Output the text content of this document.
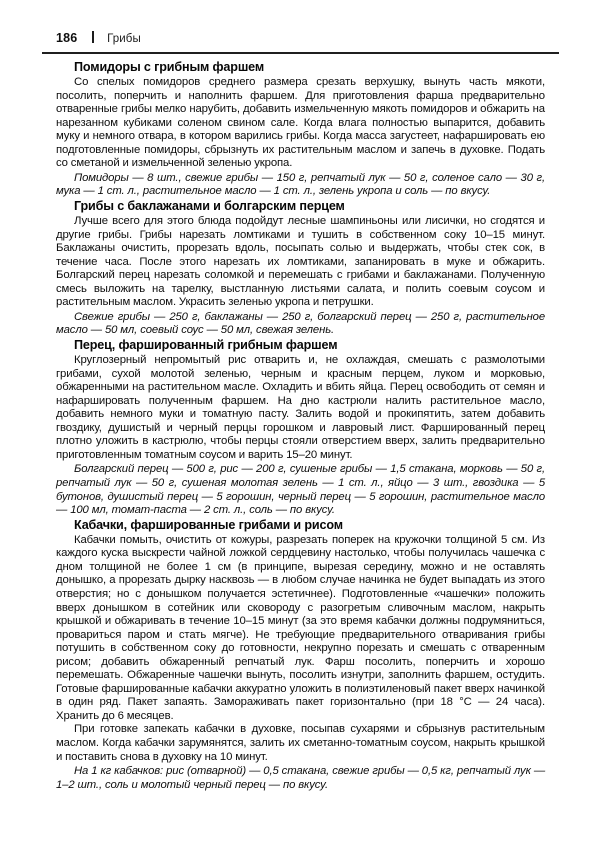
186	Грибы
Помидоры с грибным фаршем

Со спелых помидоров среднего размера срезать верхушку, вынуть часть мякоти, посолить, поперчить и наполнить фаршем. Для приготовления фарша предварительно отваренные грибы мелко нарубить, добавить измельченную мякоть помидоров и обжарить на нарезанном кубиками соленом свином сале. Когда влага полностью выпарится, добавить муку и немного отвара, в котором варились грибы. Когда масса загустеет, нафаршировать ею подготовленные помидоры, сбрызнуть их растительным маслом и запечь в духовке. Подать со сметаной и измельченной зеленью укропа.

Помидоры — 8 шт., свежие грибы — 150 г, репчатый лук — 50 г, соленое сало — 30 г, мука — 1 ст. л., растительное масло — 1 ст. л., зелень укропа и соль — по вкусу.

Грибы с баклажанами и болгарским перцем

Лучше всего для этого блюда подойдут лесные шампиньоны или лисички, но сгодятся и другие грибы. Грибы нарезать ломтиками и тушить в собственном соку 10–15 минут. Баклажаны очистить, прорезать вдоль, посыпать солью и выдержать, чтобы стек сок, в течение часа. После этого нарезать их ломтиками, запанировать в муке и обжарить. Болгарский перец нарезать соломкой и перемешать с грибами и баклажанами. Полученную смесь выложить на тарелку, выстланную листьями салата, и полить соевым соусом и растительным маслом. Украсить зеленью укропа и петрушки.

Свежие грибы — 250 г, баклажаны — 250 г, болгарский перец — 250 г, растительное масло — 50 мл, соевый соус — 50 мл, свежая зелень.

Перец, фаршированный грибным фаршем

Круглозерный непромытый рис отварить и, не охлаждая, смешать с размолотыми грибами, сухой молотой зеленью, черным и красным перцем, луком и морковью, обжаренными на растительном масле. Охладить и вбить яйца. Перец освободить от семян и нафаршировать полученным фаршем. На дно кастрюли налить растительное масло, добавить немного муки и томатную пасту. Залить водой и прокипятить, затем добавить гвоздику, душистый и черный перцы горошком и лавровый лист. Фаршированный перец плотно уложить в кастрюлю, чтобы перцы стояли отверстием вверх, залить предварительно приготовленным томатным соусом и варить 15–20 минут.

Болгарский перец — 500 г, рис — 200 г, сушеные грибы — 1,5 стакана, морковь — 50 г, репчатый лук — 50 г, сушеная молотая зелень — 1 ст. л., яйцо — 3 шт., гвоздика — 5 бутонов, душистый перец — 5 горошин, черный перец — 5 горошин, растительное масло — 100 мл, томат-паста — 2 ст. л., соль — по вкусу.

Кабачки, фаршированные грибами и рисом

Кабачки помыть, очистить от кожуры, разрезать поперек на кружочки толщиной 5 см. Из каждого куска выскрести чайной ложкой сердцевину настолько, чтобы получилась чашечка с дном толщиной не более 1 см (в принципе, вырезая середину, можно и не оставлять донышко, а прорезать дырку насквозь — в любом случае начинка не будет выпадать из этого отверстия; но с донышком получается эстетичнее). Подготовленные «чашечки» положить вверх донышком в сотейник или сковороду с разогретым сливочным маслом, накрыть крышкой и обжаривать в течение 10–15 минут (за это время кабачки должны подрумяниться, провариться паром и стать мягче). Не требующие предварительного отваривания грибы потушить в собственном соку до готовности, некрупно порезать и смешать с отваренным рисом; добавить обжаренный репчатый лук. Фарш посолить, поперчить и хорошо перемешать. Обжаренные чашечки вынуть, посолить изнутри, заполнить фаршем, остудить. Готовые фаршированные кабачки аккуратно уложить в полиэтиленовый пакет вверх начинкой в один ряд. Пакет запаять. Замораживать пакет горизонтально (при 18 °С — 24 часа). Хранить до 6 месяцев.

При готовке запекать кабачки в духовке, посыпав сухарями и сбрызнув растительным маслом. Когда кабачки зарумянятся, залить их сметанно-томатным соусом, накрыть крышкой и поставить снова в духовку на 10 минут.

На 1 кг кабачков: рис (отварной) — 0,5 стакана, свежие грибы — 0,5 кг, репчатый лук — 1–2 шт., соль и молотый черный перец — по вкусу.
